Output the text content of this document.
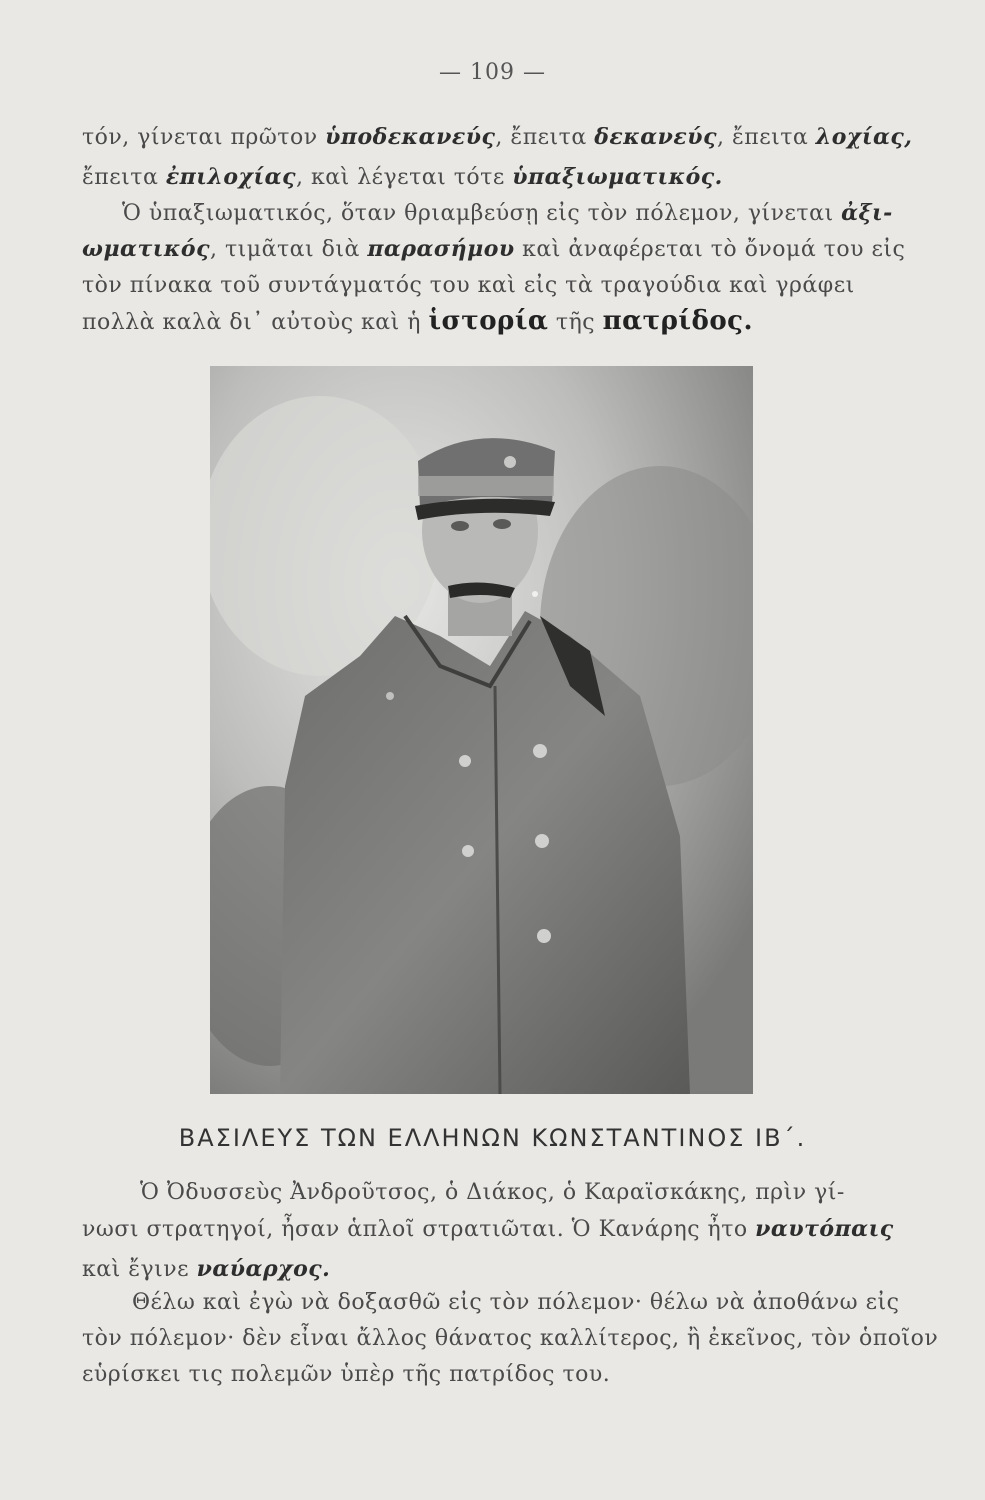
— 109 —
τόν, γίνεται πρῶτον ὑποδεκανεύς, ἔπειτα δεκανεύς, ἔπειτα λοχίας,
ἔπειτα ἐπιλοχίας, καὶ λέγεται τότε ὑπαξιωματικός.
Ὁ ὑπαξιωματικός, ὅταν θριαμβεύσῃ εἰς τὸν πόλεμον, γίνεται ἀξι-
ωματικός, τιμᾶται διὰ παρασήμου καὶ ἀναφέρεται τὸ ὄνομά του εἰς
τὸν πίνακα τοῦ συντάγματός του καὶ εἰς τὰ τραγούδια καὶ γράφει
πολλὰ καλὰ δι᾽ αὐτοὺς καὶ ἡ ἱστορία τῆς πατρίδος.
ΒΑΣΙΛΕΥΣ ΤΩΝ ΕΛΛΗΝΩΝ ΚΩΝΣΤΑΝΤΙΝΟΣ ΙΒ΄.
Ὁ Ὀδυσσεὺς Ἀνδροῦτσος, ὁ Διάκος, ὁ Καραϊσκάκης, πρὶν γί-
νωσι στρατηγοί, ἦσαν ἁπλοῖ στρατιῶται. Ὁ Κανάρης ἦτο ναυτόπαις
καὶ ἔγινε ναύαρχος.
Θέλω καὶ ἐγὼ νὰ δοξασθῶ εἰς τὸν πόλεμον· θέλω νὰ ἀποθάνω εἰς
τὸν πόλεμον· δὲν εἶναι ἄλλος θάνατος καλλίτερος, ἢ ἐκεῖνος, τὸν ὁποῖον
εὑρίσκει τις πολεμῶν ὑπὲρ τῆς πατρίδος του.
